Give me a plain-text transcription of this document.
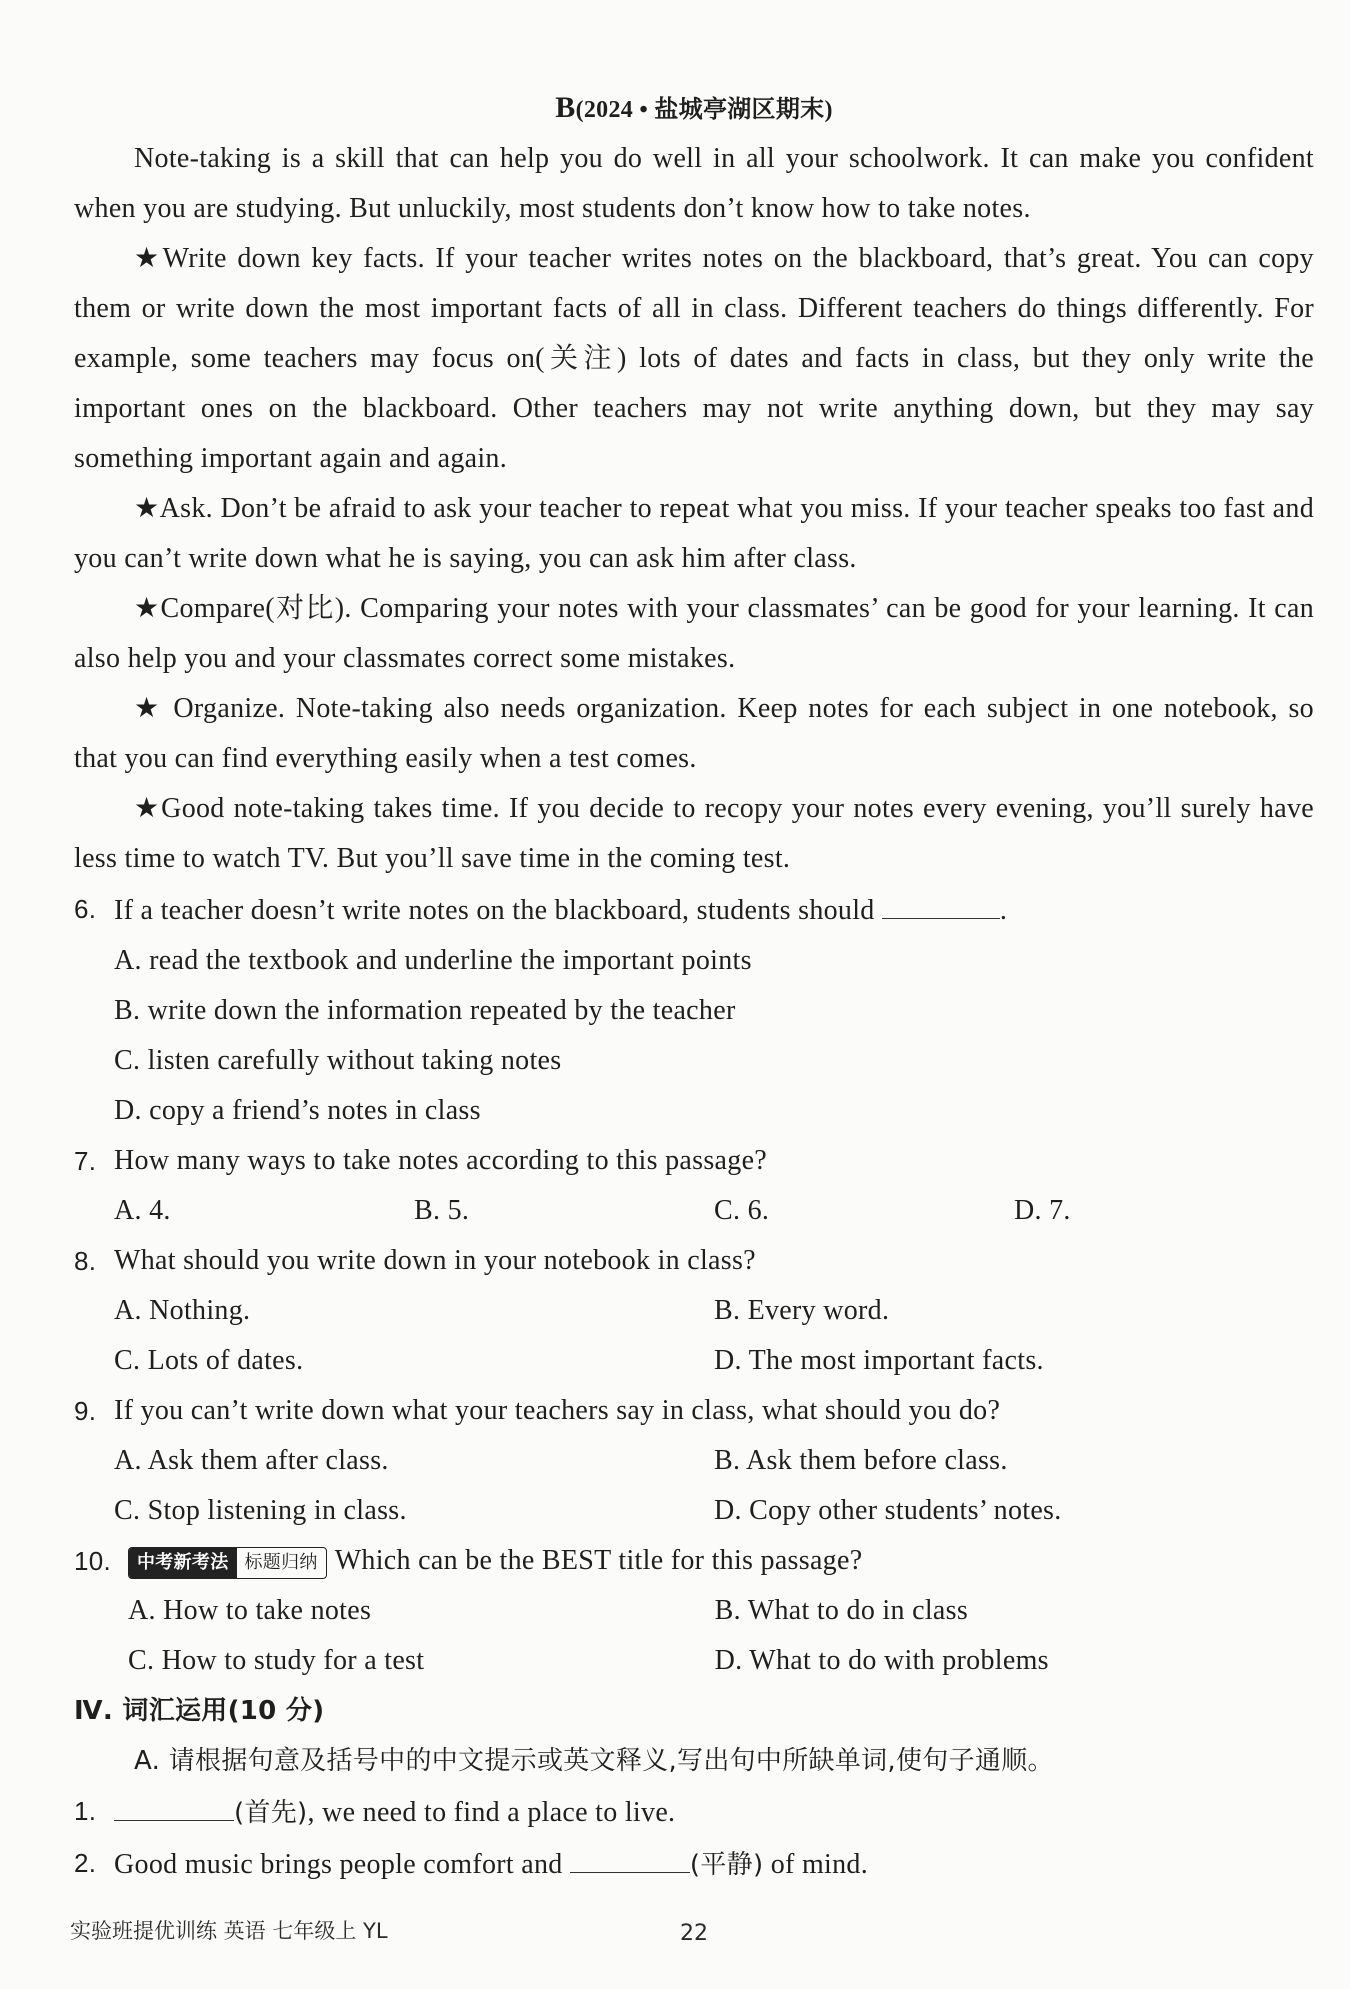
B(2024 • 盐城亭湖区期末)

Note-taking is a skill that can help you do well in all your schoolwork. It can make you confident when you are studying. But unluckily, most students don’t know how to take notes.

★Write down key facts. If your teacher writes notes on the blackboard, that’s great. You can copy them or write down the most important facts of all in class. Different teachers do things differently. For example, some teachers may focus on(关注) lots of dates and facts in class, but they only write the important ones on the blackboard. Other teachers may not write anything down, but they may say something important again and again.

★Ask. Don’t be afraid to ask your teacher to repeat what you miss. If your teacher speaks too fast and you can’t write down what he is saying, you can ask him after class.

★Compare(对比). Comparing your notes with your classmates’ can be good for your learning. It can also help you and your classmates correct some mistakes.

★ Organize. Note-taking also needs organization. Keep notes for each subject in one notebook, so that you can find everything easily when a test comes.

★Good note-taking takes time. If you decide to recopy your notes every evening, you’ll surely have less time to watch TV. But you’ll save time in the coming test.

6. If a teacher doesn’t write notes on the blackboard, students should	.
A. read the textbook and underline the important points
B. write down the information repeated by the teacher
C. listen carefully without taking notes
D. copy a friend’s notes in class
7. How many ways to take notes according to this passage?
A. 4.	B. 5.	C. 6.	D. 7.
8. What should you write down in your notebook in class?
A. Nothing.	B. Every word.
C. Lots of dates.	D. The most important facts.
9. If you can’t write down what your teachers say in class, what should you do?
A. Ask them after class.	B. Ask them before class.
C. Stop listening in class.	D. Copy other students’ notes.
10.	中考新考法 标题归纳 Which can be the BEST title for this passage?
A. How to take notes	B. What to do in class
C. How to study for a test	D. What to do with problems
Ⅳ. 词汇运用(10 分)
A. 请根据句意及括号中的中文提示或英文释义,写出句中所缺单词,使句子通顺。
1.	(首先), we need to find a place to live.
2. Good music brings people comfort and	(平静) of mind.
实验班提优训练 英语 七年级上 YL	22
